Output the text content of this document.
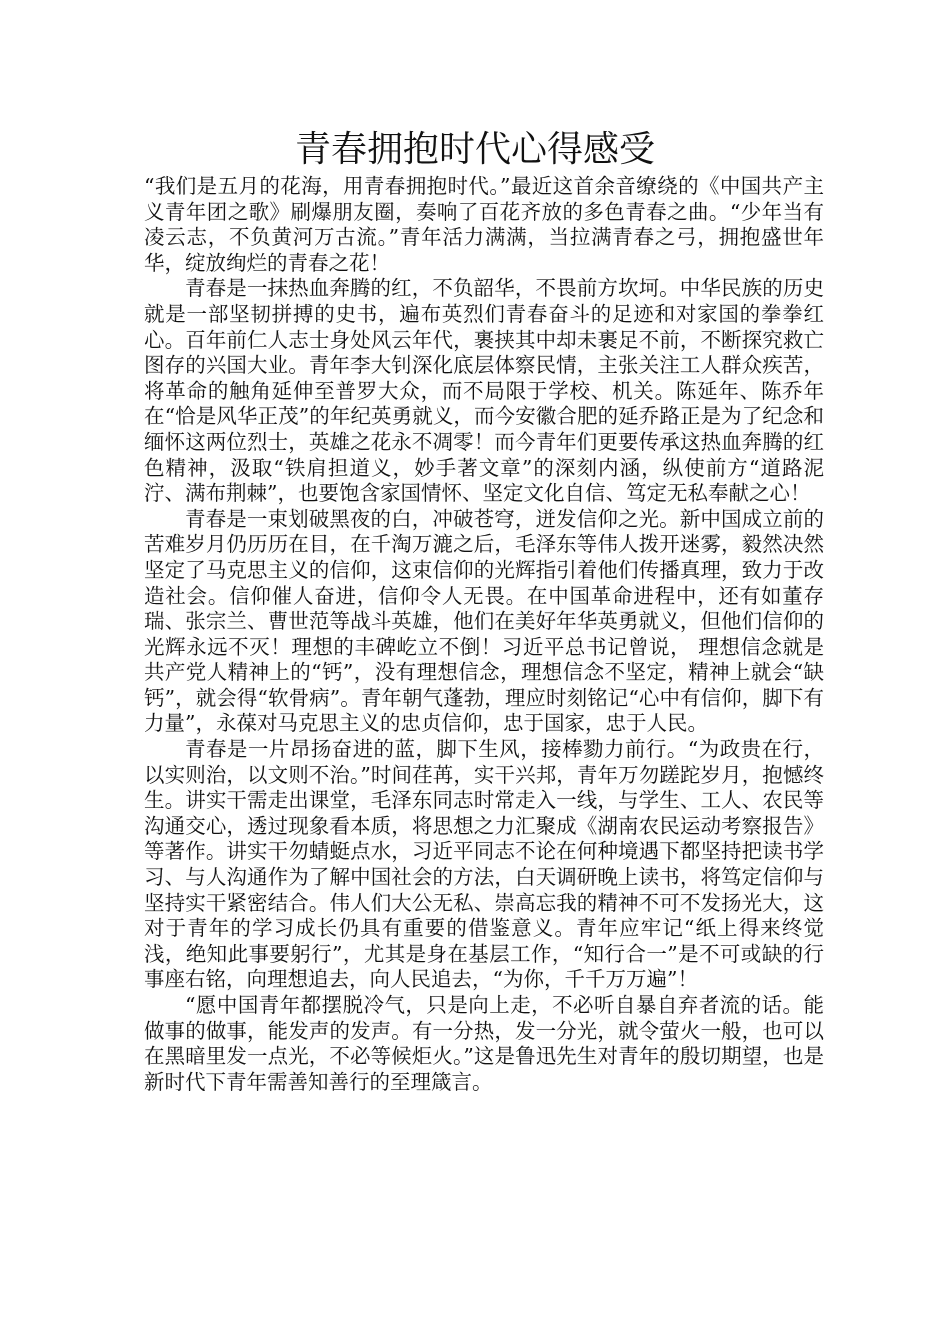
青春拥抱时代心得感受

“我们是五月的花海，用青春拥抱时代。”最近这首余音缭绕的《中国共产主义青年团之歌》刷爆朋友圈，奏响了百花齐放的多色青春之曲。“少年当有凌云志，不负黄河万古流。”青年活力满满，当拉满青春之弓，拥抱盛世年华，绽放绚烂的青春之花！

青春是一抹热血奔腾的红，不负韶华，不畏前方坎坷。中华民族的历史就是一部坚韧拼搏的史书，遍布英烈们青春奋斗的足迹和对家国的拳拳红心。百年前仁人志士身处风云年代，裹挟其中却未裹足不前，不断探究救亡图存的兴国大业。青年李大钊深化底层体察民情，主张关注工人群众疾苦，将革命的触角延伸至普罗大众，而不局限于学校、机关。陈延年、陈乔年在“恰是风华正茂”的年纪英勇就义，而今安徽合肥的延乔路正是为了纪念和缅怀这两位烈士，英雄之花永不凋零！而今青年们更要传承这热血奔腾的红色精神，汲取“铁肩担道义，妙手著文章”的深刻内涵，纵使前方“道路泥泞、满布荆棘”，也要饱含家国情怀、坚定文化自信、笃定无私奉献之心！

青春是一束划破黑夜的白，冲破苍穹，迸发信仰之光。新中国成立前的苦难岁月仍历历在目，在千淘万漉之后，毛泽东等伟人拨开迷雾，毅然决然坚定了马克思主义的信仰，这束信仰的光辉指引着他们传播真理，致力于改造社会。信仰催人奋进，信仰令人无畏。在中国革命进程中，还有如董存瑞、张宗兰、曹世范等战斗英雄，他们在美好年华英勇就义，但他们信仰的光辉永远不灭！理想的丰碑屹立不倒！习近平总书记曾说， 理想信念就是共产党人精神上的“钙”，没有理想信念，理想信念不坚定，精神上就会“缺钙”，就会得“软骨病”。青年朝气蓬勃，理应时刻铭记“心中有信仰，脚下有力量”，永葆对马克思主义的忠贞信仰，忠于国家，忠于人民。

青春是一片昂扬奋进的蓝，脚下生风，接棒勠力前行。“为政贵在行，以实则治，以文则不治。”时间荏苒，实干兴邦，青年万勿蹉跎岁月，抱憾终生。讲实干需走出课堂，毛泽东同志时常走入一线，与学生、工人、农民等沟通交心，透过现象看本质，将思想之力汇聚成《湖南农民运动考察报告》等著作。讲实干勿蜻蜓点水，习近平同志不论在何种境遇下都坚持把读书学习、与人沟通作为了解中国社会的方法，白天调研晚上读书，将笃定信仰与坚持实干紧密结合。伟人们大公无私、崇高忘我的精神不可不发扬光大，这对于青年的学习成长仍具有重要的借鉴意义。青年应牢记“纸上得来终觉浅，绝知此事要躬行”，尤其是身在基层工作，“知行合一”是不可或缺的行事座右铭，向理想追去，向人民追去，“为你，千千万万遍”！

“愿中国青年都摆脱冷气，只是向上走，不必听自暴自弃者流的话。能做事的做事，能发声的发声。有一分热，发一分光，就令萤火一般，也可以在黑暗里发一点光，不必等候炬火。”这是鲁迅先生对青年的殷切期望，也是新时代下青年需善知善行的至理箴言。
